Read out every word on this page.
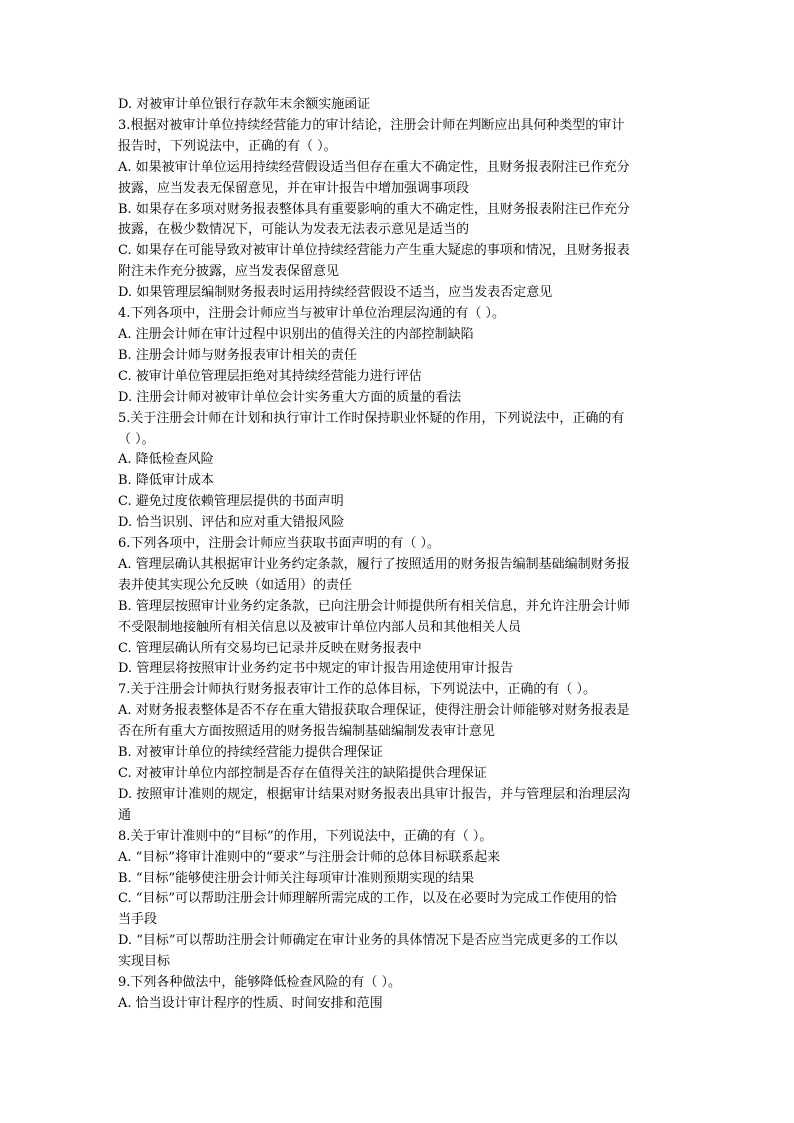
D. 对被审计单位银行存款年末余额实施函证
3.根据对被审计单位持续经营能力的审计结论，注册会计师在判断应出具何种类型的审计
报告时，下列说法中，正确的有（ ）。
A. 如果被审计单位运用持续经营假设适当但存在重大不确定性，且财务报表附注已作充分
披露，应当发表无保留意见，并在审计报告中增加强调事项段
B. 如果存在多项对财务报表整体具有重要影响的重大不确定性，且财务报表附注已作充分
披露，在极少数情况下，可能认为发表无法表示意见是适当的
C. 如果存在可能导致对被审计单位持续经营能力产生重大疑虑的事项和情况，且财务报表
附注未作充分披露，应当发表保留意见
D. 如果管理层编制财务报表时运用持续经营假设不适当，应当发表否定意见
4.下列各项中，注册会计师应当与被审计单位治理层沟通的有（ ）。
A. 注册会计师在审计过程中识别出的值得关注的内部控制缺陷
B. 注册会计师与财务报表审计相关的责任
C. 被审计单位管理层拒绝对其持续经营能力进行评估
D. 注册会计师对被审计单位会计实务重大方面的质量的看法
5.关于注册会计师在计划和执行审计工作时保持职业怀疑的作用，下列说法中，正确的有
（ ）。
A. 降低检查风险
B. 降低审计成本
C. 避免过度依赖管理层提供的书面声明
D. 恰当识别、评估和应对重大错报风险
6.下列各项中，注册会计师应当获取书面声明的有（ ）。
A. 管理层确认其根据审计业务约定条款，履行了按照适用的财务报告编制基础编制财务报
表并使其实现公允反映（如适用）的责任
B. 管理层按照审计业务约定条款，已向注册会计师提供所有相关信息，并允许注册会计师
不受限制地接触所有相关信息以及被审计单位内部人员和其他相关人员
C. 管理层确认所有交易均已记录并反映在财务报表中
D. 管理层将按照审计业务约定书中规定的审计报告用途使用审计报告
7.关于注册会计师执行财务报表审计工作的总体目标，下列说法中，正确的有（ ）。
A. 对财务报表整体是否不存在重大错报获取合理保证，使得注册会计师能够对财务报表是
否在所有重大方面按照适用的财务报告编制基础编制发表审计意见
B. 对被审计单位的持续经营能力提供合理保证
C. 对被审计单位内部控制是否存在值得关注的缺陷提供合理保证
D. 按照审计准则的规定，根据审计结果对财务报表出具审计报告，并与管理层和治理层沟
通
8.关于审计准则中的“目标”的作用，下列说法中，正确的有（ ）。
A. “目标”将审计准则中的“要求”与注册会计师的总体目标联系起来
B. “目标”能够使注册会计师关注每项审计准则预期实现的结果
C. “目标”可以帮助注册会计师理解所需完成的工作，以及在必要时为完成工作使用的恰
当手段
D. “目标”可以帮助注册会计师确定在审计业务的具体情况下是否应当完成更多的工作以
实现目标
9.下列各种做法中，能够降低检查风险的有（ ）。
A. 恰当设计审计程序的性质、时间安排和范围
